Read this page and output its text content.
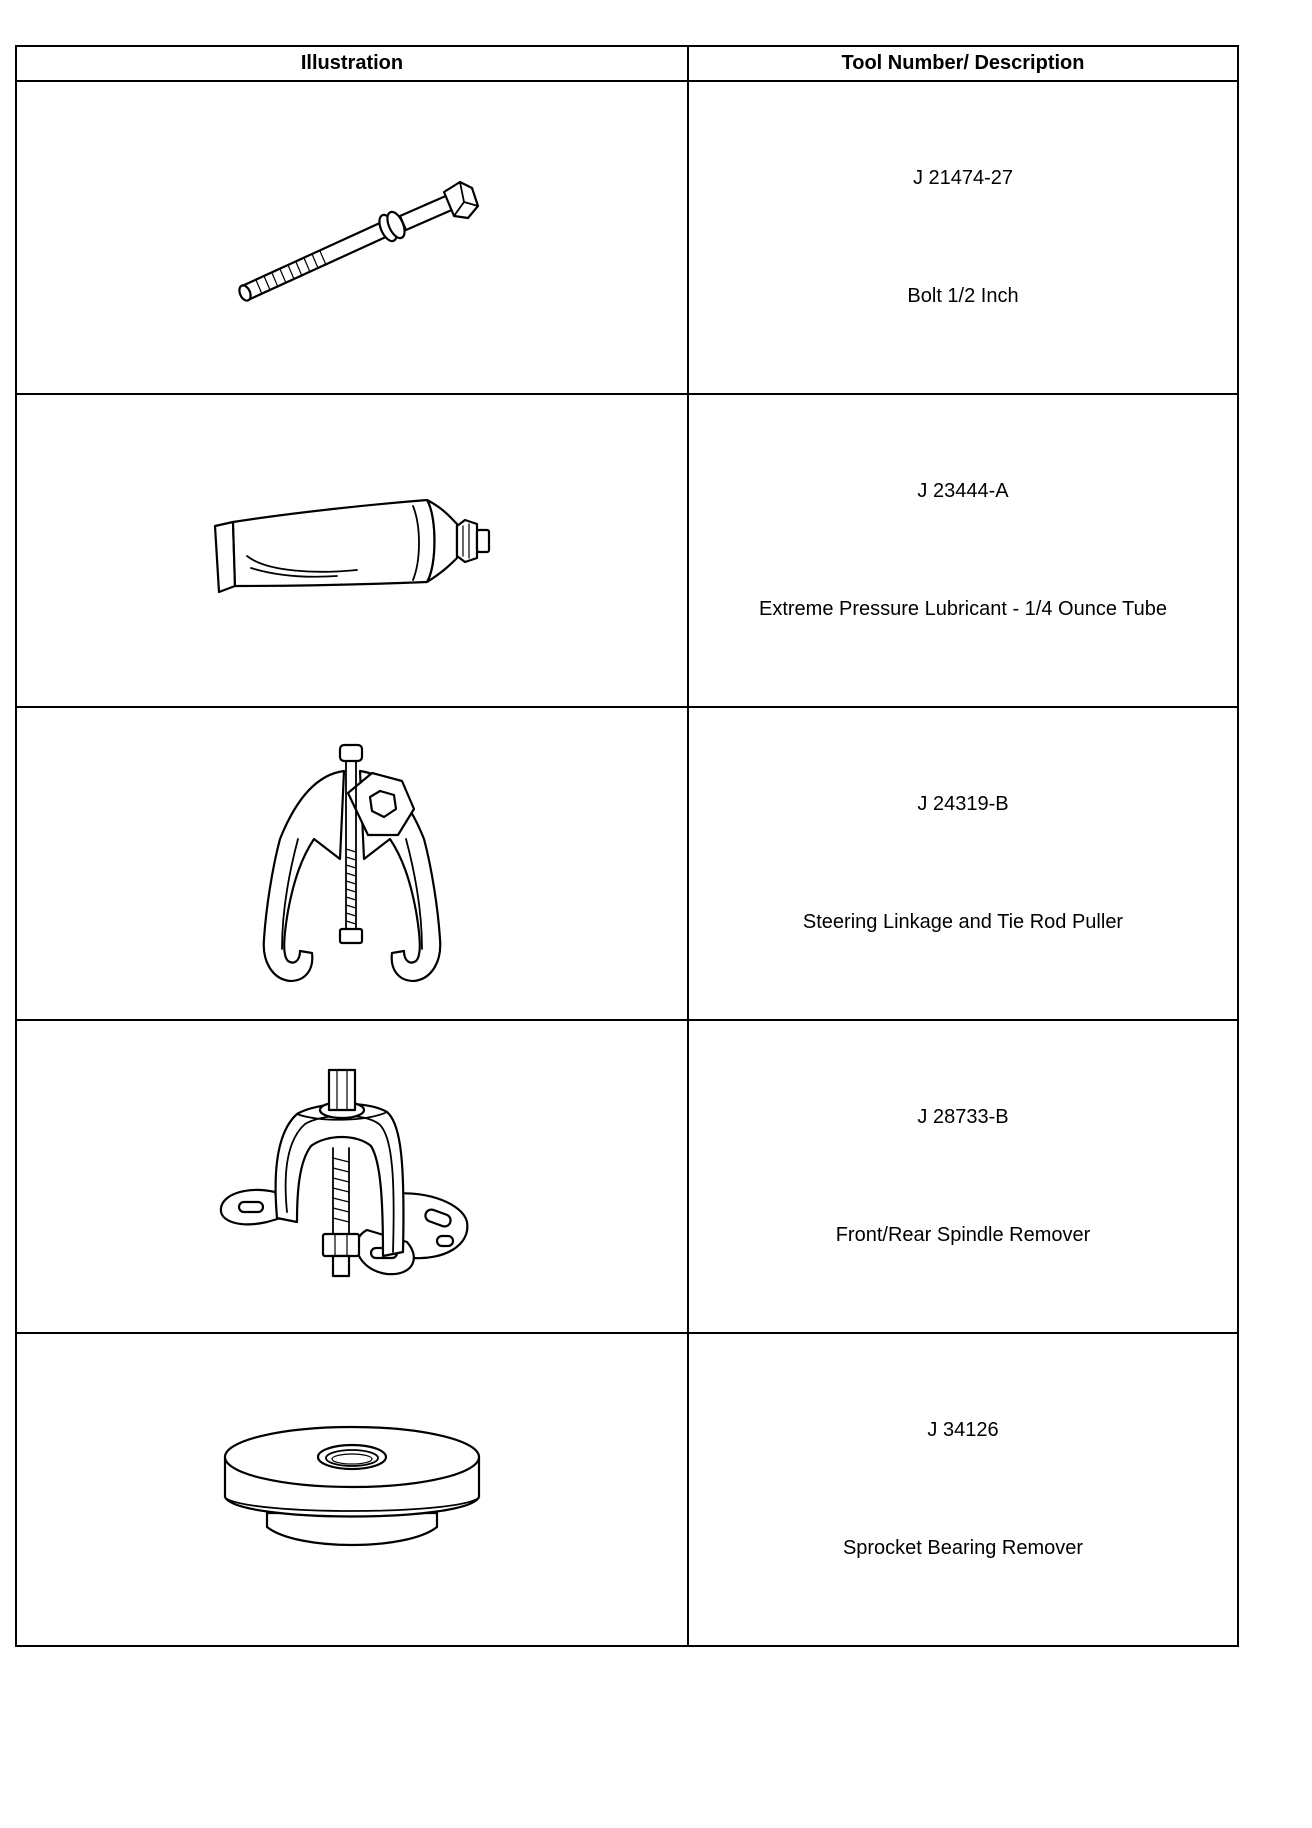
Illustration	Tool Number/ Description

J 21474-27
Bolt 1/2 Inch

J 23444-A
Extreme Pressure Lubricant - 1/4 Ounce Tube

J 24319-B
Steering Linkage and Tie Rod Puller

J 28733-B
Front/Rear Spindle Remover

J 34126
Sprocket Bearing Remover
